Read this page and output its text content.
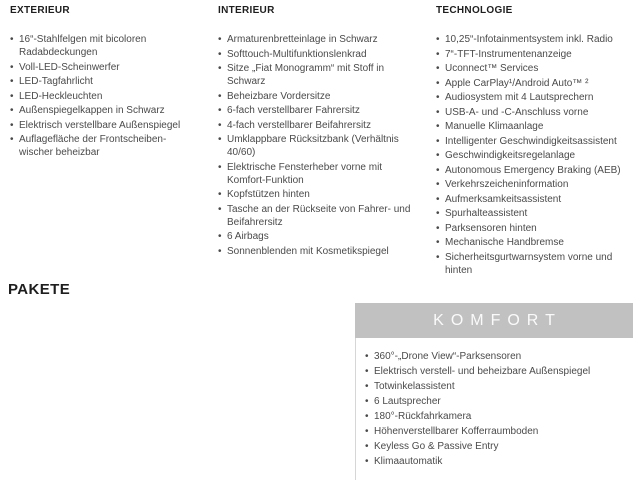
EXTERIEUR
• 16“-Stahlfelgen mit bicoloren Radabdeckungen
• Voll-LED-Scheinwerfer
• LED-Tagfahrlicht
• LED-Heckleuchten
• Außenspiegelkappen in Schwarz
• Elektrisch verstellbare Außenspiegel
• Auflagefläche der Frontscheiben-wischer beheizbar
INTERIEUR
• Armaturenbretteinlage in Schwarz
• Softtouch-Multifunktionslenkrad
• Sitze „Fiat Monogramm“ mit Stoff in Schwarz
• Beheizbare Vordersitze
• 6-fach verstellbarer Fahrersitz
• 4-fach verstellbarer Beifahrersitz
• Umklappbare Rücksitzbank (Verhältnis 40/60)
• Elektrische Fensterheber vorne mit Komfort-Funktion
• Kopfstützen hinten
• Tasche an der Rückseite von Fahrer- und Beifahrersitz
• 6 Airbags
• Sonnenblenden mit Kosmetikspiegel
TECHNOLOGIE
• 10,25“-Infotainmentsystem inkl. Radio
• 7“-TFT-Instrumentenanzeige
• Uconnect™ Services
• Apple CarPlay¹/Android Auto™ ²
• Audiosystem mit 4 Lautsprechern
• USB-A- und -C-Anschluss vorne
• Manuelle Klimaanlage
• Intelligenter Geschwindigkeitsassistent
• Geschwindigkeitsregelanlage
• Autonomous Emergency Braking (AEB)
• Verkehrszeicheninformation
• Aufmerksamkeitsassistent
• Spurhalteassistent
• Parksensoren hinten
• Mechanische Handbremse
• Sicherheitsgurtwarnsystem vorne und hinten
PAKETE
KOMFORT
• 360°-„Drone View“-Parksensoren
• Elektrisch verstell- und beheizbare Außenspiegel
• Totwinkelassistent
• 6 Lautsprecher
• 180°-Rückfahrkamera
• Höhenverstellbarer Kofferraumboden
• Keyless Go & Passive Entry
• Klimaautomatik
